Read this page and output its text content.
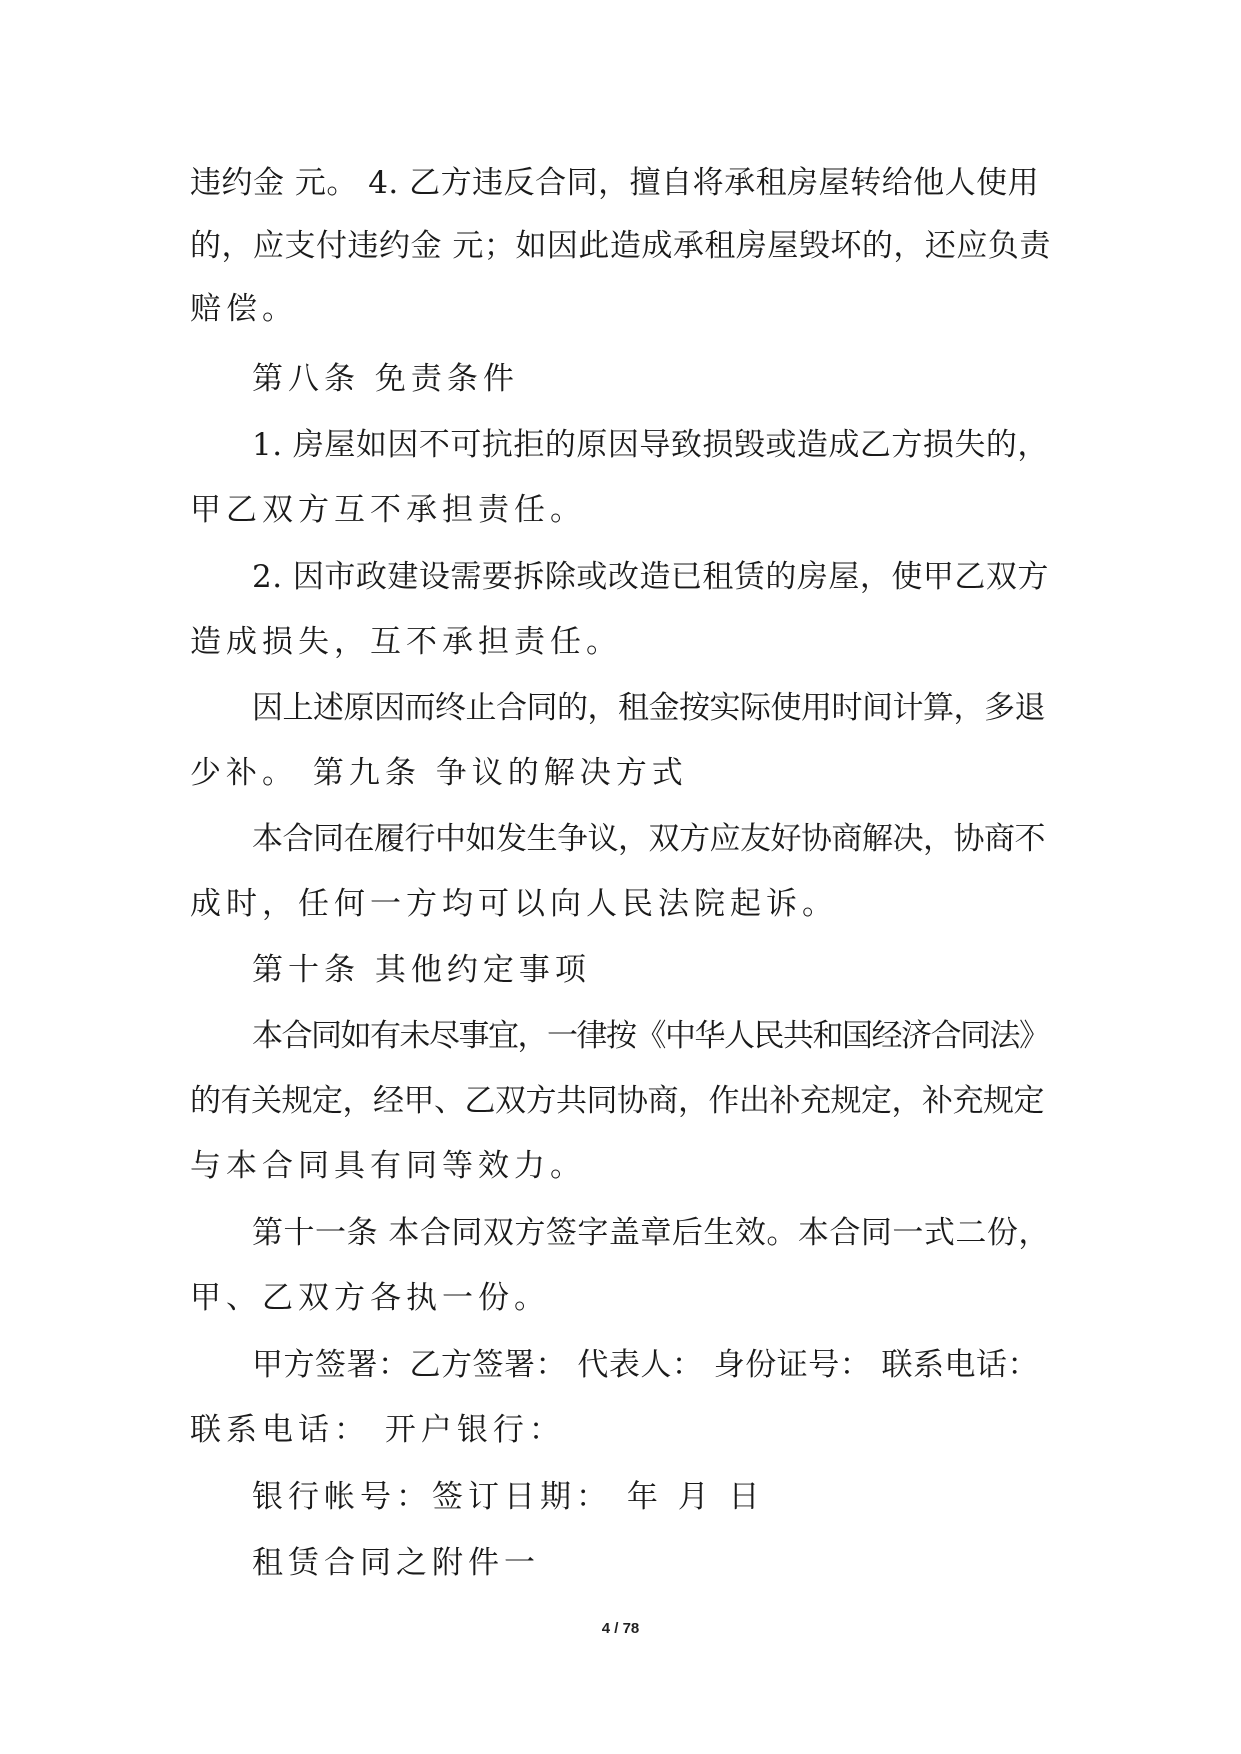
违约金 元。 4. 乙方违反合同，擅自将承租房屋转给他人使用
的，应支付违约金 元；如因此造成承租房屋毁坏的，还应负责
赔偿。
第八条 免责条件
1. 房屋如因不可抗拒的原因导致损毁或造成乙方损失的，
甲乙双方互不承担责任。
2. 因市政建设需要拆除或改造已租赁的房屋，使甲乙双方
造成损失，互不承担责任。
因上述原因而终止合同的，租金按实际使用时间计算，多退
少补。 第九条 争议的解决方式
本合同在履行中如发生争议，双方应友好协商解决，协商不
成时，任何一方均可以向人民法院起诉。
第十条 其他约定事项
本合同如有未尽事宜，一律按《中华人民共和国经济合同法》
的有关规定，经甲、乙双方共同协商，作出补充规定，补充规定
与本合同具有同等效力。
第十一条 本合同双方签字盖章后生效。本合同一式二份，
甲、乙双方各执一份。
甲方签署：乙方签署： 代表人： 身份证号： 联系电话：
联系电话： 开户银行：
银行帐号：签订日期： 年 月 日
租赁合同之附件一
4 / 78
